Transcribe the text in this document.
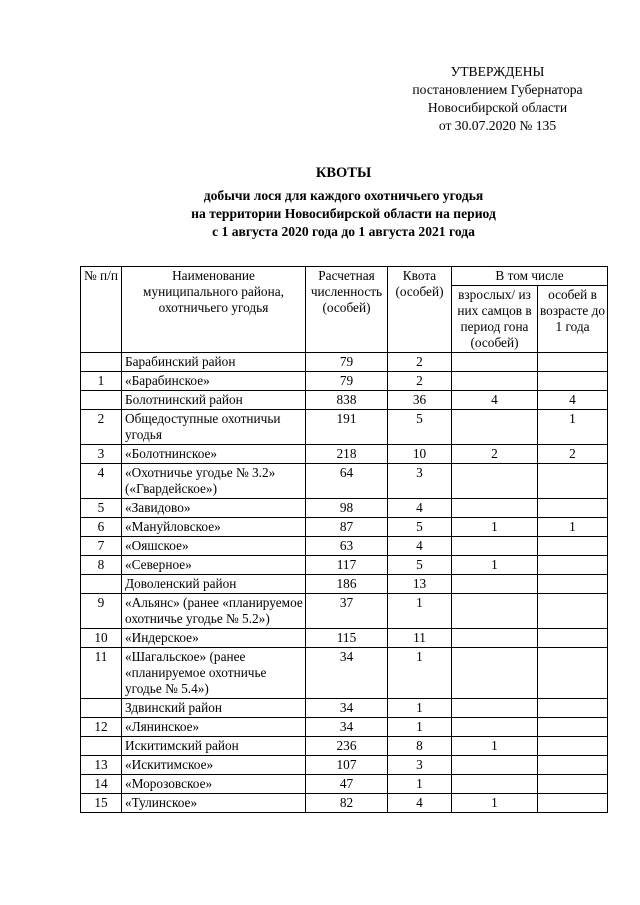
УТВЕРЖДЕНЫ
постановлением Губернатора
Новосибирской области
от 30.07.2020 № 135
КВОТЫ
добычи лося для каждого охотничьего угодья
на территории Новосибирской области на период
с 1 августа 2020 года до 1 августа 2021 года
№ п/п	Наименование муниципального района, охотничьего угодья	Расчетная численность (особей)	Квота (особей)	В том числе	
				взрослых/ из них самцов в период гона (особей)	особей в возрасте до 1 года
	Барабинский район	79	2		
1	«Барабинское»	79	2		
	Болотнинский район	838	36	4	4
2	Общедоступные охотничьи угодья	191	5		1
3	«Болотнинское»	218	10	2	2
4	«Охотничье угодье № 3.2» («Гвардейское»)	64	3		
5	«Завидово»	98	4		
6	«Мануйловское»	87	5	1	1
7	«Ояшское»	63	4		
8	«Северное»	117	5	1	
	Доволенский район	186	13		
9	«Альянс» (ранее «планируемое охотничье угодье № 5.2»)	37	1		
10	«Индерское»	115	11		
11	«Шагальское» (ранее «планируемое охотничье угодье № 5.4»)	34	1		
	Здвинский район	34	1		
12	«Лянинское»	34	1		
	Искитимский район	236	8	1	
13	«Искитимское»	107	3		
14	«Морозовское»	47	1		
15	«Тулинское»	82	4	1	
